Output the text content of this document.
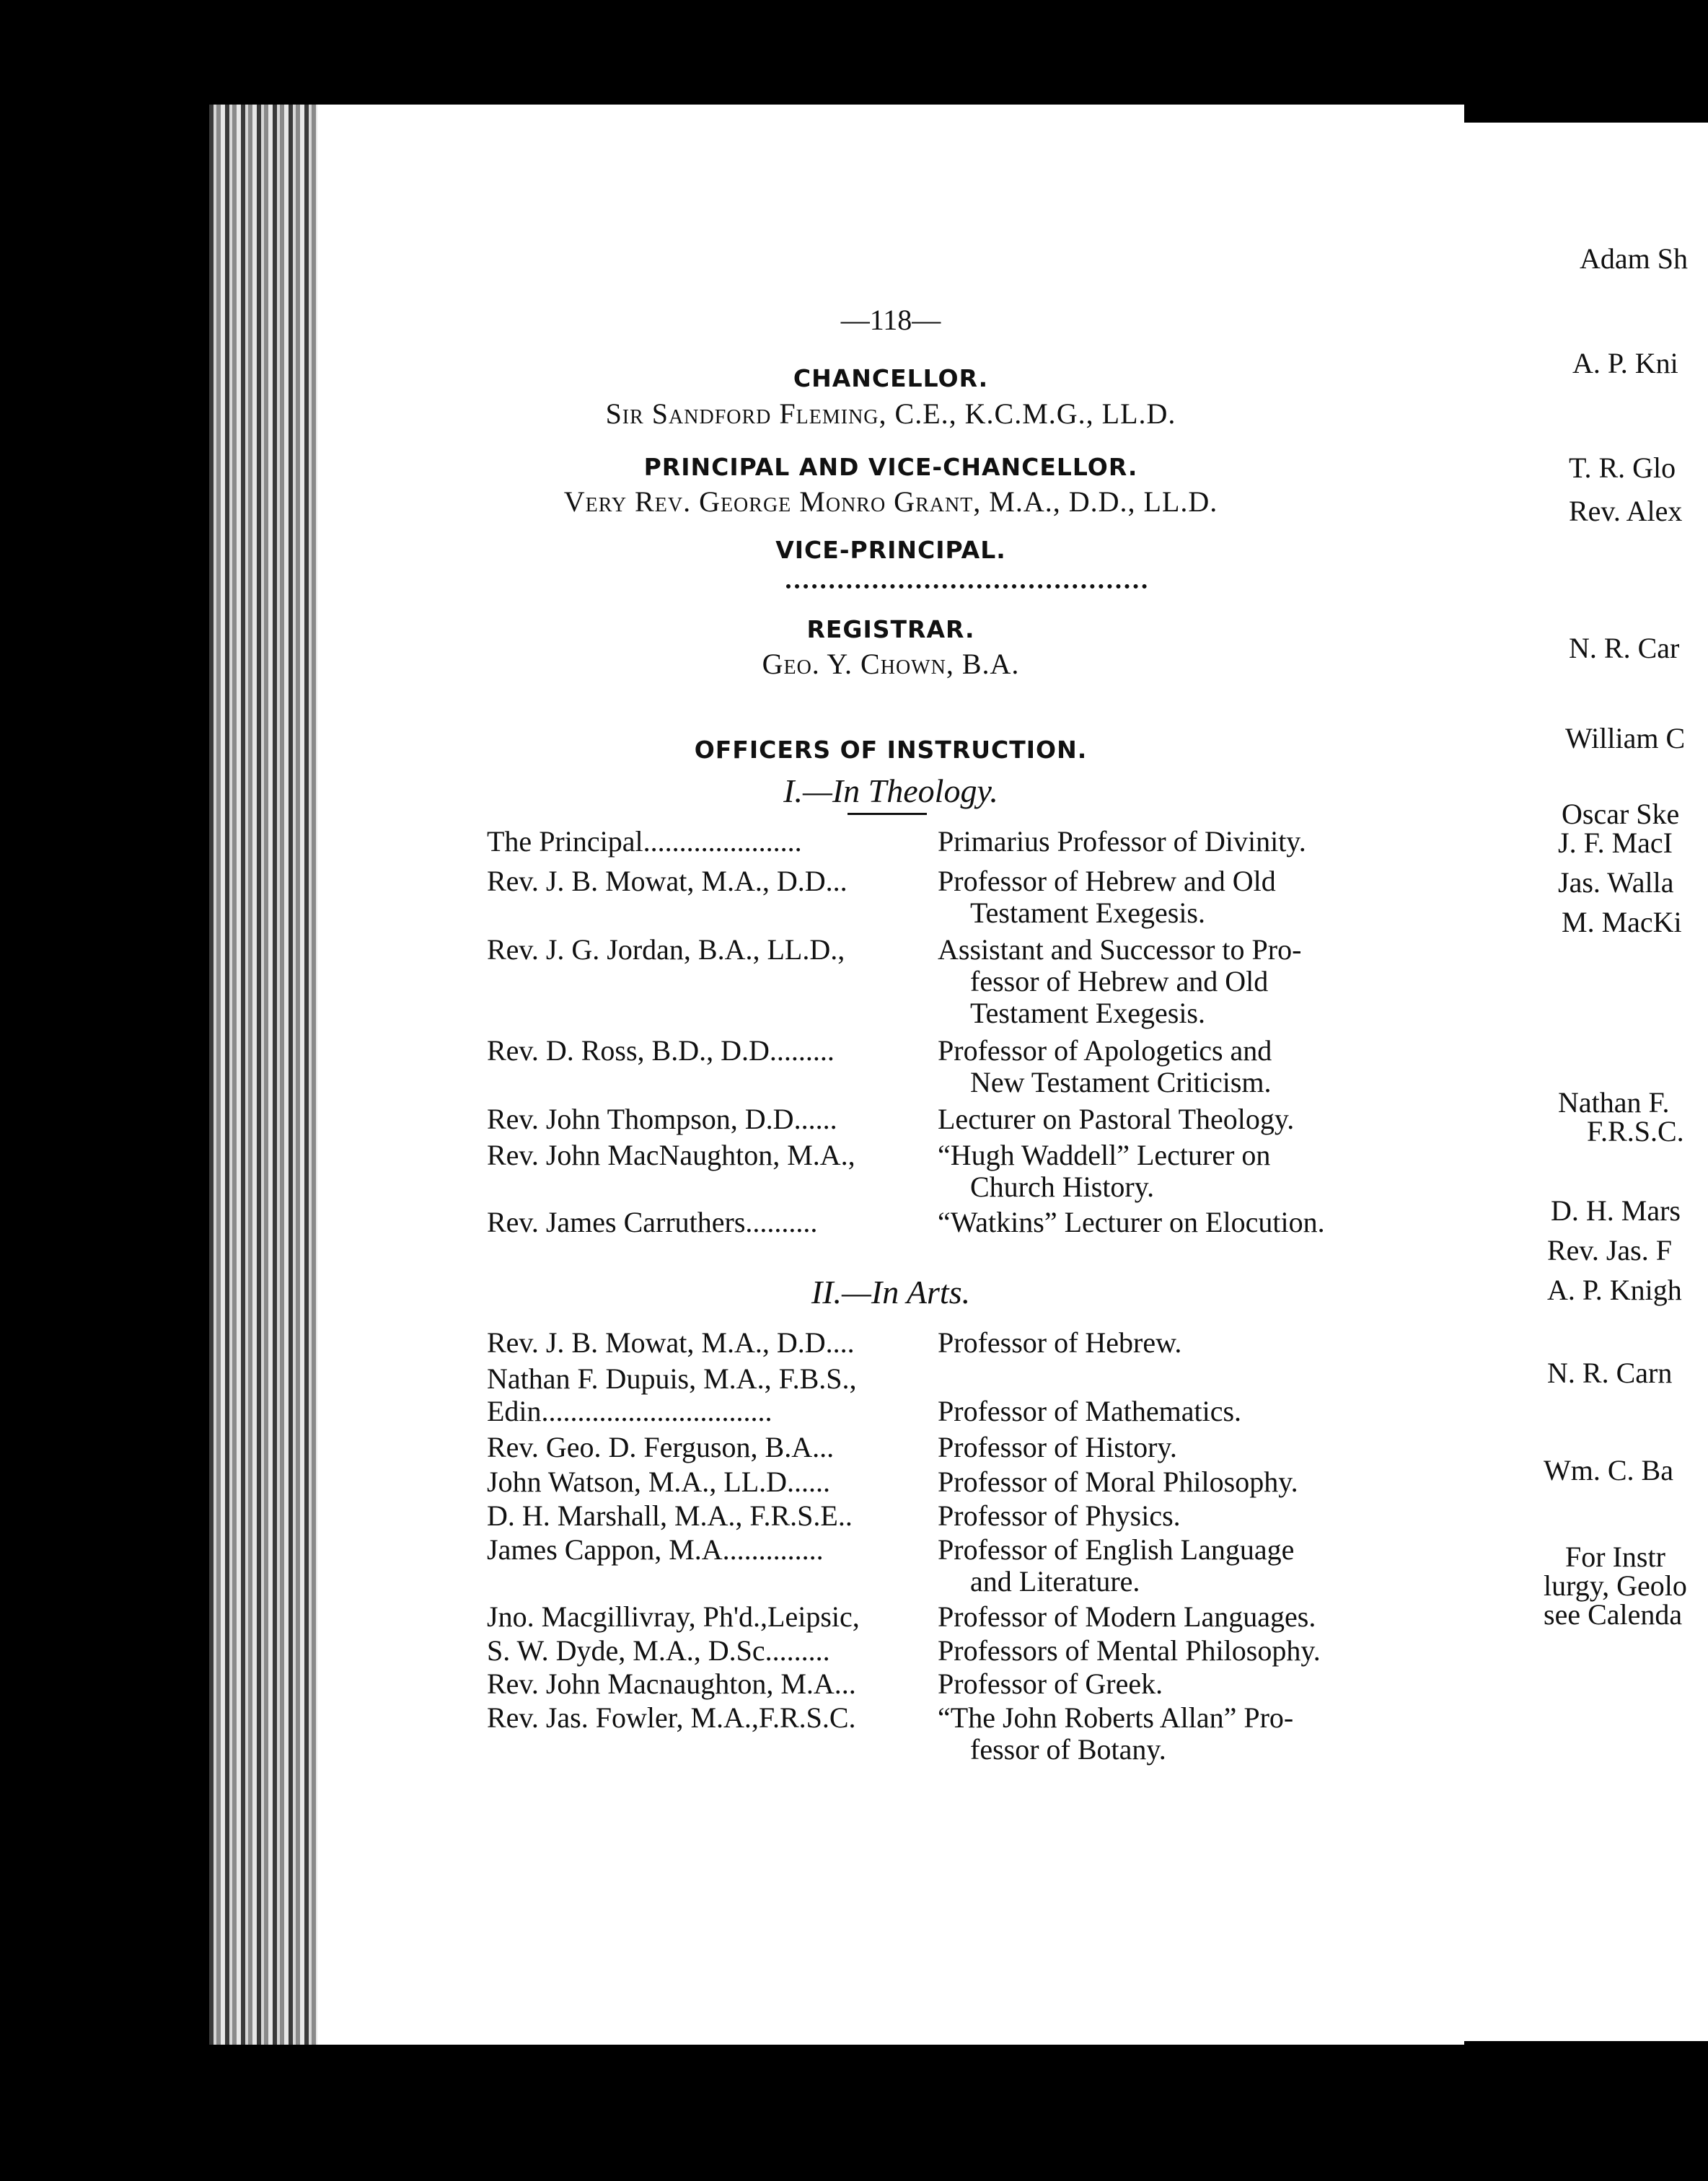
—118—
CHANCELLOR.
Sir Sandford Fleming, C.E., K.C.M.G., LL.D.
PRINCIPAL AND VICE-CHANCELLOR.
Very Rev. George Monro Grant, M.A., D.D., LL.D.
VICE-PRINCIPAL.
REGISTRAR.
Geo. Y. Chown, B.A.
OFFICERS OF INSTRUCTION.
I.—In Theology.
The Principal......................	Primarius Professor of Divinity.
Rev. J. B. Mowat, M.A., D.D...	Professor of Hebrew and Old
Testament Exegesis.
Rev. J. G. Jordan, B.A., LL.D.,	Assistant and Successor to Pro-
fessor of Hebrew and Old
Testament Exegesis.
Rev. D. Ross, B.D., D.D.........	Professor of Apologetics and
New Testament Criticism.
Rev. John Thompson, D.D......	Lecturer on Pastoral Theology.
Rev. John MacNaughton, M.A.,	“Hugh Waddell” Lecturer on
Church History.
Rev. James Carruthers..........	“Watkins” Lecturer on Elocution.
II.—In Arts.
Rev. J. B. Mowat, M.A., D.D....	Professor of Hebrew.
Nathan F. Dupuis, M.A., F.B.S.,
Edin................................	Professor of Mathematics.
Rev. Geo. D. Ferguson, B.A...	Professor of History.
John Watson, M.A., LL.D......	Professor of Moral Philosophy.
D. H. Marshall, M.A., F.R.S.E..	Professor of Physics.
James Cappon, M.A..............	Professor of English Language
and Literature.
Jno. Macgillivray, Ph'd.,Leipsic,	Professor of Modern Languages.
S. W. Dyde, M.A., D.Sc.........	Professors of Mental Philosophy.
Rev. John Macnaughton, M.A...	Professor of Greek.
Rev. Jas. Fowler, M.A.,F.R.S.C.	“The John Roberts Allan” Pro-
fessor of Botany.
Adam Sh
A. P. Kni
T. R. Glo
Rev. Alex
N. R. Car
William C
Oscar Ske
J. F. MacI
Jas. Walla
M. MacKi
Nathan F.
F.R.S.C.
D. H. Mars
Rev. Jas. F
A. P. Knigh
N. R. Carn
Wm. C. Ba
For Instr
lurgy, Geolo
see Calenda
